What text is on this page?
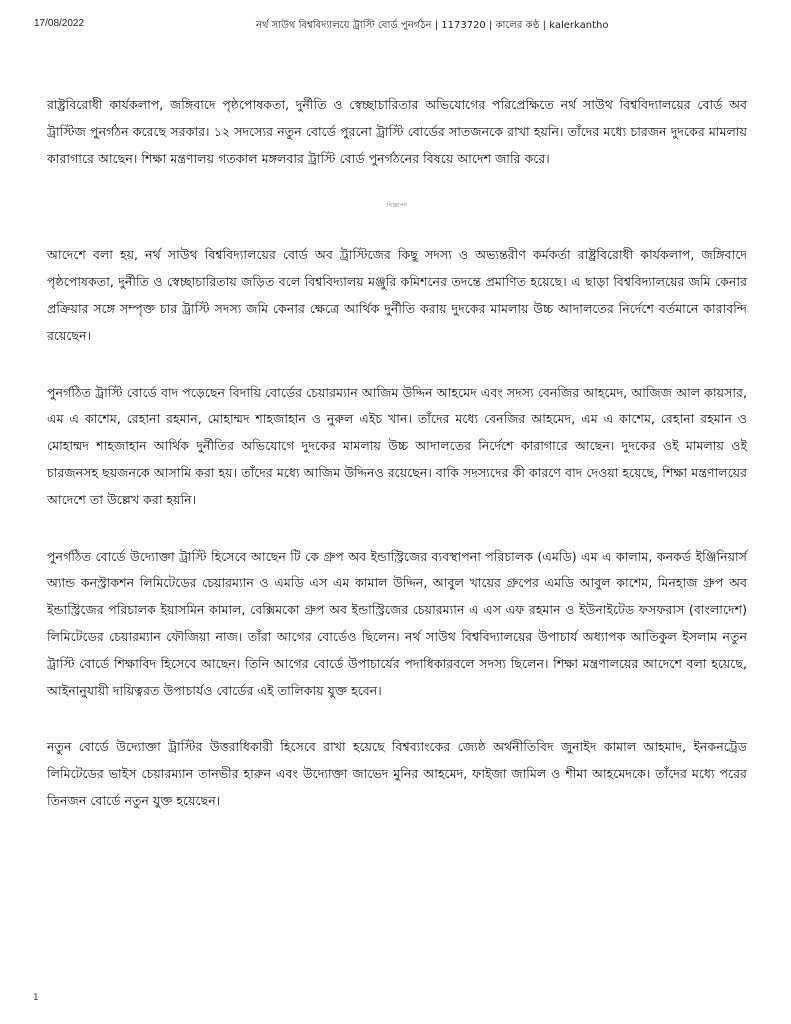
17/08/2022	নর্থ সাউথ বিশ্ববিদ্যালয়ে ট্রাস্টি বোর্ড পুনর্গঠন | 1173720 | কালের কণ্ঠ | kalerkantho

রাষ্ট্রবিরোধী কার্যকলাপ, জঙ্গিবাদে পৃষ্ঠপোষকতা, দুর্নীতি ও স্বেচ্ছাচারিতার অভিযোগের পরিপ্রেক্ষিতে নর্থ সাউথ বিশ্ববিদ্যালয়ের বোর্ড অব ট্রাস্টিজ পুনর্গঠন করেছে সরকার। ১২ সদস্যের নতুন বোর্ডে পুরনো ট্রাস্টি বোর্ডের সাতজনকে রাখা হয়নি। তাঁদের মধ্যে চারজন দুদকের মামলায় কারাগারে আছেন। শিক্ষা মন্ত্রণালয় গতকাল মঙ্গলবার ট্রাস্টি বোর্ড পুনর্গঠনের বিষয়ে আদেশ জারি করে।

বিজ্ঞাপন

আদেশে বলা হয়, নর্থ সাউথ বিশ্ববিদ্যালয়ের বোর্ড অব ট্রাস্টিজের কিছু সদস্য ও অভ্যন্তরীণ কর্মকর্তা রাষ্ট্রবিরোধী কার্যকলাপ, জঙ্গিবাদে পৃষ্ঠপোষকতা, দুর্নীতি ও স্বেচ্ছাচারিতায় জড়িত বলে বিশ্ববিদ্যালয় মঞ্জুরি কমিশনের তদন্তে প্রমাণিত হয়েছে। এ ছাড়া বিশ্ববিদ্যালয়ের জমি কেনার প্রক্রিয়ার সঙ্গে সম্পৃক্ত চার ট্রাস্টি সদস্য জমি কেনার ক্ষেত্রে আর্থিক দুর্নীতি করায় দুদকের মামলায় উচ্চ আদালতের নির্দেশে বর্তমানে কারাবন্দি রয়েছেন।

পুনর্গঠিত ট্রাস্টি বোর্ডে বাদ পড়েছেন বিদায়ি বোর্ডের চেয়ারম্যান আজিম উদ্দিন আহমেদ এবং সদস্য বেনজির আহমেদ, আজিজ আল কায়সার, এম এ কাশেম, রেহানা রহমান, মোহাম্মদ শাহজাহান ও নুরুল এইচ খান। তাঁদের মধ্যে বেনজির আহমেদ, এম এ কাশেম, রেহানা রহমান ও মোহাম্মদ শাহজাহান আর্থিক দুর্নীতির অভিযোগে দুদকের মামলায় উচ্চ আদালতের নির্দেশে কারাগারে আছেন। দুদকের ওই মামলায় ওই চারজনসহ ছয়জনকে আসামি করা হয়। তাঁদের মধ্যে আজিম উদ্দিনও রয়েছেন। বাকি সদস্যদের কী কারণে বাদ দেওয়া হয়েছে, শিক্ষা মন্ত্রণালয়ের আদেশে তা উল্লেখ করা হয়নি।

পুনর্গঠিত বোর্ডে উদ্যোক্তা ট্রাস্টি হিসেবে আছেন টি কে গ্রুপ অব ইন্ডাস্ট্রিজের ব্যবস্থাপনা পরিচালক (এমডি) এম এ কালাম, কনকর্ড ইঞ্জিনিয়ার্স অ্যান্ড কনস্ট্রাকশন লিমিটেডের চেয়ারম্যান ও এমডি এস এম কামাল উদ্দিন, আবুল খায়ের গ্রুপের এমডি আবুল কাশেম, মিনহাজ গ্রুপ অব ইন্ডাস্ট্রিজের পরিচালক ইয়াসমিন কামাল, বেক্সিমকো গ্রুপ অব ইন্ডাস্ট্রিজের চেয়ারম্যান এ এস এফ রহমান ও ইউনাইটেড ফসফরাস (বাংলাদেশ) লিমিটেডের চেয়ারম্যান ফৌজিয়া নাজ। তাঁরা আগের বোর্ডেও ছিলেন। নর্থ সাউথ বিশ্ববিদ্যালয়ের উপাচার্য অধ্যাপক আতিকুল ইসলাম নতুন ট্রাস্টি বোর্ডে শিক্ষাবিদ হিসেবে আছেন। তিনি আগের বোর্ডে উপাচার্যের পদাধিকারবলে সদস্য ছিলেন। শিক্ষা মন্ত্রণালয়ের আদেশে বলা হয়েছে, আইনানুযায়ী দায়িত্বরত উপাচার্যও বোর্ডের এই তালিকায় যুক্ত হবেন।

নতুন বোর্ডে উদ্যোক্তা ট্রাস্টির উত্তরাধিকারী হিসেবে রাখা হয়েছে বিশ্বব্যাংকের জ্যেষ্ঠ অর্থনীতিবিদ জুনাইদ কামাল আহমাদ, ইনকনট্রেড লিমিটেডের ভাইস চেয়ারম্যান তানভীর হারুন এবং উদ্যোক্তা জাভেদ মুনির আহমেদ, ফাইজা জামিল ও শীমা আহমেদকে। তাঁদের মধ্যে পরের তিনজন বোর্ডে নতুন যুক্ত হয়েছেন।

1
